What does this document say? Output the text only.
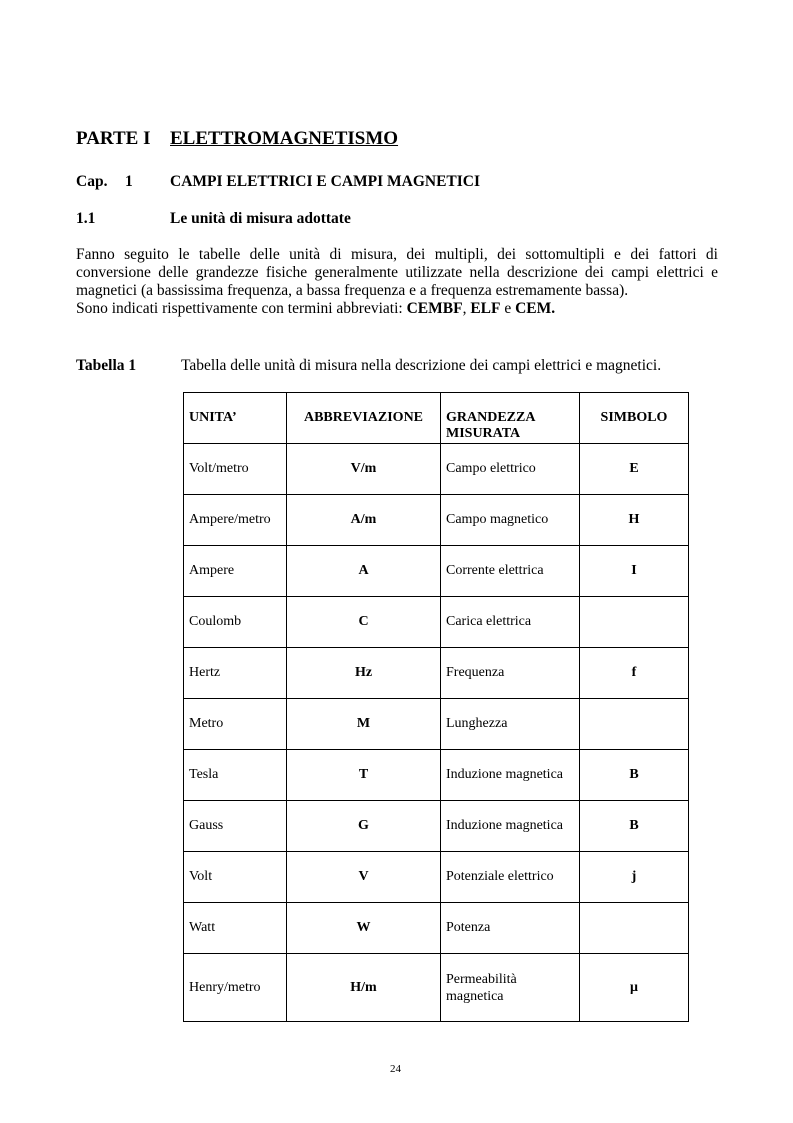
PARTE I ELETTROMAGNETISMO
Cap. 1 CAMPI ELETTRICI E CAMPI MAGNETICI
1.1	Le unità di misura adottate

Fanno seguito le tabelle delle unità di misura, dei multipli, dei sottomultipli e dei fattori di

conversione delle grandezze fisiche generalmente utilizzate nella descrizione dei campi elettrici e

magnetici (a bassissima frequenza, a bassa frequenza e a frequenza estremamente bassa).

Sono indicati rispettivamente con termini abbreviati: CEMBF, ELF e CEM.

Tabella 1	Tabella delle unità di misura nella descrizione dei campi elettrici e magnetici.
UNITA’	ABBREVIAZIONE	GRANDEZZA MISURATA	SIMBOLO
Volt/metro	V/m	Campo elettrico	E
Ampere/metro	A/m	Campo magnetico	H
Ampere	A	Corrente elettrica	I
Coulomb	C	Carica elettrica	
Hertz	Hz	Frequenza	f
Metro	M	Lunghezza	
Tesla	T	Induzione magnetica	B
Gauss	G	Induzione magnetica	B
Volt	V	Potenziale elettrico	j
Watt	W	Potenza	
Henry/metro	H/m	Permeabilità magnetica	μ
24
